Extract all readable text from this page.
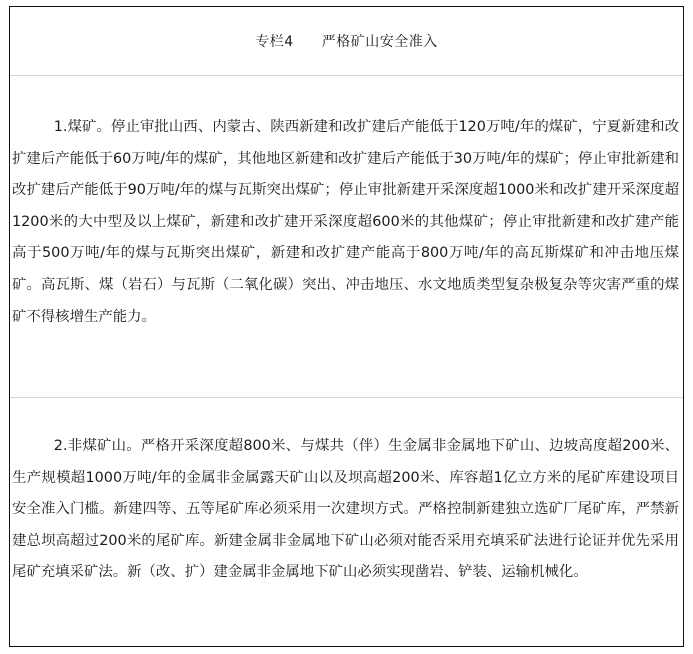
专栏4 严格矿山安全准入

1.煤矿。停止审批山西、内蒙古、陕西新建和改扩建后产能低于120万吨/年的煤矿，宁夏新建和改扩建后产能低于60万吨/年的煤矿，其他地区新建和改扩建后产能低于30万吨/年的煤矿；停止审批新建和改扩建后产能低于90万吨/年的煤与瓦斯突出煤矿；停止审批新建开采深度超1000米和改扩建开采深度超1200米的大中型及以上煤矿，新建和改扩建开采深度超600米的其他煤矿；停止审批新建和改扩建产能高于500万吨/年的煤与瓦斯突出煤矿，新建和改扩建产能高于800万吨/年的高瓦斯煤矿和冲击地压煤矿。高瓦斯、煤（岩石）与瓦斯（二氧化碳）突出、冲击地压、水文地质类型复杂极复杂等灾害严重的煤矿不得核增生产能力。

2.非煤矿山。严格开采深度超800米、与煤共（伴）生金属非金属地下矿山、边坡高度超200米、生产规模超1000万吨/年的金属非金属露天矿山以及坝高超200米、库容超1亿立方米的尾矿库建设项目安全准入门槛。新建四等、五等尾矿库必须采用一次建坝方式。严格控制新建独立选矿厂尾矿库，严禁新建总坝高超过200米的尾矿库。新建金属非金属地下矿山必须对能否采用充填采矿法进行论证并优先采用尾矿充填采矿法。新（改、扩）建金属非金属地下矿山必须实现凿岩、铲装、运输机械化。
